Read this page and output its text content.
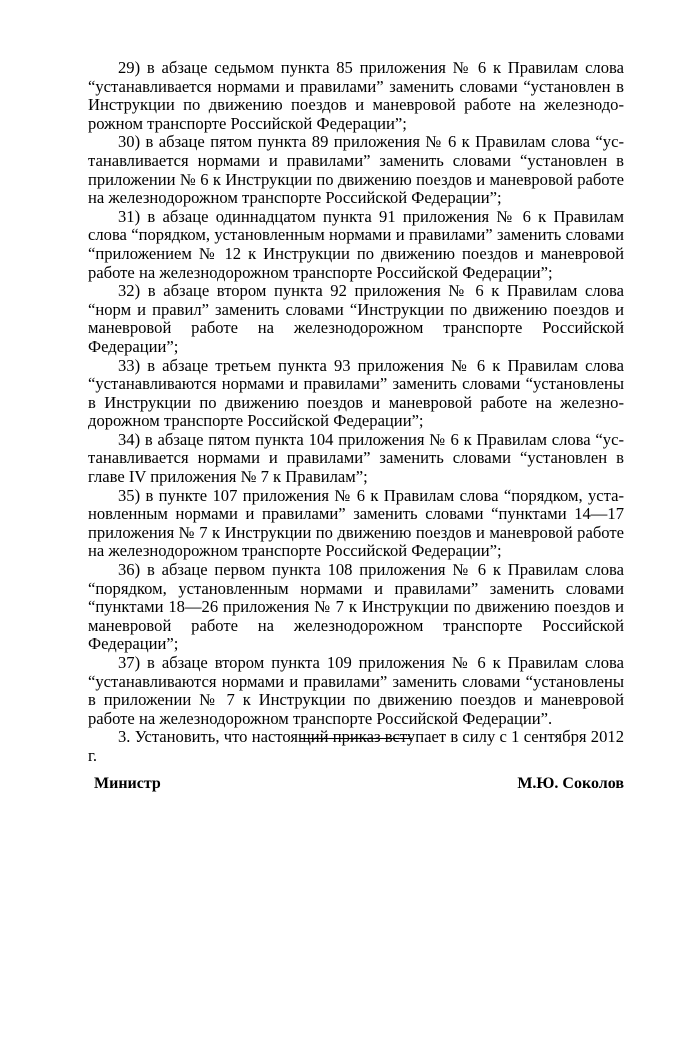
29) в абзаце седьмом пункта 85 приложения № 6 к Правилам слова “устанавливается нормами и правилами” заменить словами “установлен в Инструкции по движению поездов и маневровой работе на железнодорожном транспорте Российской Федерации”;

30) в абзаце пятом пункта 89 приложения № 6 к Правилам слова “устанавливается нормами и правилами” заменить словами “установлен в приложении № 6 к Инструкции по движению поездов и маневровой работе на железнодорожном транспорте Российской Федерации”;

31) в абзаце одиннадцатом пункта 91 приложения № 6 к Правилам слова “порядком, установленным нормами и правилами” заменить словами “приложением № 12 к Инструкции по движению поездов и маневровой работе на железнодорожном транспорте Российской Федерации”;

32) в абзаце втором пункта 92 приложения № 6 к Правилам слова “норм и правил” заменить словами “Инструкции по движению поездов и маневровой работе на железнодорожном транспорте Российской Федерации”;

33) в абзаце третьем пункта 93 приложения № 6 к Правилам слова “устанавливаются нормами и правилами” заменить словами “установлены в Инструкции по движению поездов и маневровой работе на железнодорожном транспорте Российской Федерации”;

34) в абзаце пятом пункта 104 приложения № 6 к Правилам слова “устанавливается нормами и правилами” заменить словами “установлен в главе IV приложения № 7 к Правилам”;

35) в пункте 107 приложения № 6 к Правилам слова “порядком, установленным нормами и правилами” заменить словами “пунктами 14—17 приложения № 7 к Инструкции по движению поездов и маневровой работе на железнодорожном транспорте Российской Федерации”;

36) в абзаце первом пункта 108 приложения № 6 к Правилам слова “порядком, установленным нормами и правилами” заменить словами “пунктами 18—26 приложения № 7 к Инструкции по движению поездов и маневровой работе на железнодорожном транспорте Российской Федерации”;

37) в абзаце втором пункта 109 приложения № 6 к Правилам слова “устанавливаются нормами и правилами” заменить словами “установлены в приложении № 7 к Инструкции по движению поездов и маневровой работе на железнодорожном транспорте Российской Федерации”.

3. Установить, что настоящий приказ вступает в силу с 1 сентября 2012 г.

Министр	М.Ю. Соколов
